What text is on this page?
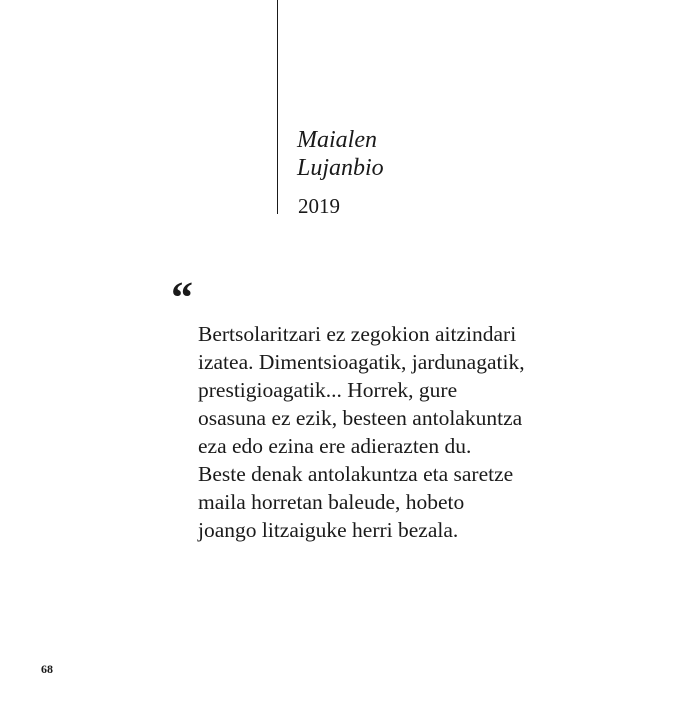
Maialen
Lujanbio
2019
“

Bertsolaritzari ez zegokion aitzindari
izatea. Dimentsioagatik, jardunagatik,
prestigioagatik... Horrek, gure
osasuna ez ezik, besteen antolakuntza
eza edo ezina ere adierazten du.
Beste denak antolakuntza eta saretze
maila horretan baleude, hobeto
joango litzaiguke herri bezala.

68
